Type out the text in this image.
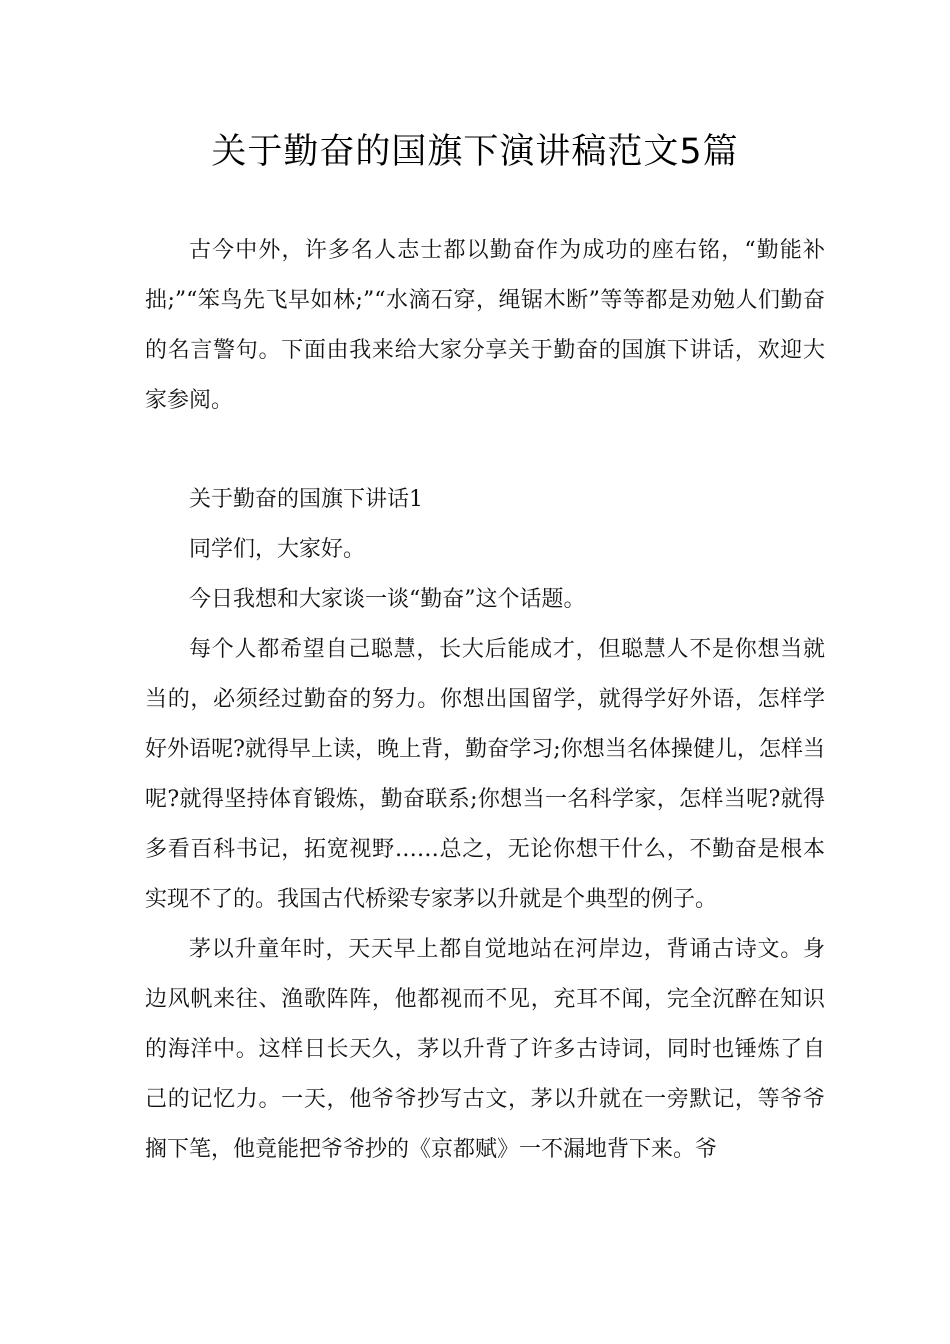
关于勤奋的国旗下演讲稿范文5篇

古今中外，许多名人志士都以勤奋作为成功的座右铭，“勤能补拙;”“笨鸟先飞早如林;”“水滴石穿，绳锯木断”等等都是劝勉人们勤奋的名言警句。下面由我来给大家分享关于勤奋的国旗下讲话，欢迎大家参阅。

关于勤奋的国旗下讲话1

同学们，大家好。

今日我想和大家谈一谈“勤奋”这个话题。

每个人都希望自己聪慧，长大后能成才，但聪慧人不是你想当就当的，必须经过勤奋的努力。你想出国留学，就得学好外语，怎样学好外语呢?就得早上读，晚上背，勤奋学习;你想当名体操健儿，怎样当呢?就得坚持体育锻炼，勤奋联系;你想当一名科学家，怎样当呢?就得多看百科书记，拓宽视野……总之，无论你想干什么，不勤奋是根本实现不了的。我国古代桥梁专家茅以升就是个典型的例子。

茅以升童年时，天天早上都自觉地站在河岸边，背诵古诗文。身边风帆来往、渔歌阵阵，他都视而不见，充耳不闻，完全沉醉在知识的海洋中。这样日长天久，茅以升背了许多古诗词，同时也锤炼了自己的记忆力。一天，他爷爷抄写古文，茅以升就在一旁默记，等爷爷搁下笔，他竟能把爷爷抄的《京都赋》一不漏地背下来。爷
